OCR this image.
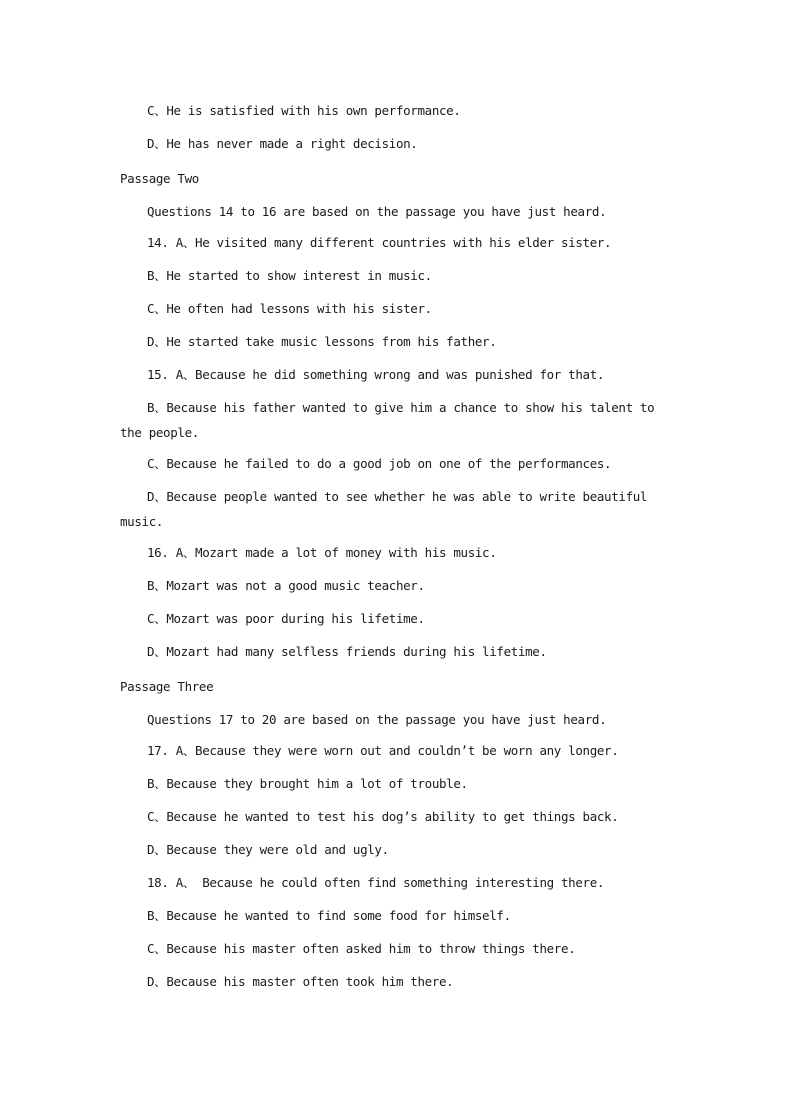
C、He is satisfied with his own performance.
D、He has never made a right decision.
Passage Two
Questions 14 to 16 are based on the passage you have just heard.
14. A、He visited many different countries with his elder sister.
B、He started to show interest in music.
C、He often had lessons with his sister.
D、He started take music lessons from his father.
15. A、Because he did something wrong and was punished for that.
B、Because his father wanted to give him a chance to show his talent to
the people.
C、Because he failed to do a good job on one of the performances.
D、Because people wanted to see whether he was able to write beautiful
music.
16. A、Mozart made a lot of money with his music.
B、Mozart was not a good music teacher.
C、Mozart was poor during his lifetime.
D、Mozart had many selfless friends during his lifetime.
Passage Three
Questions 17 to 20 are based on the passage you have just heard.
17. A、Because they were worn out and couldn’t be worn any longer.
B、Because they brought him a lot of trouble.
C、Because he wanted to test his dog’s ability to get things back.
D、Because they were old and ugly.
18. A、 Because he could often find something interesting there.
B、Because he wanted to find some food for himself.
C、Because his master often asked him to throw things there.
D、Because his master often took him there.
